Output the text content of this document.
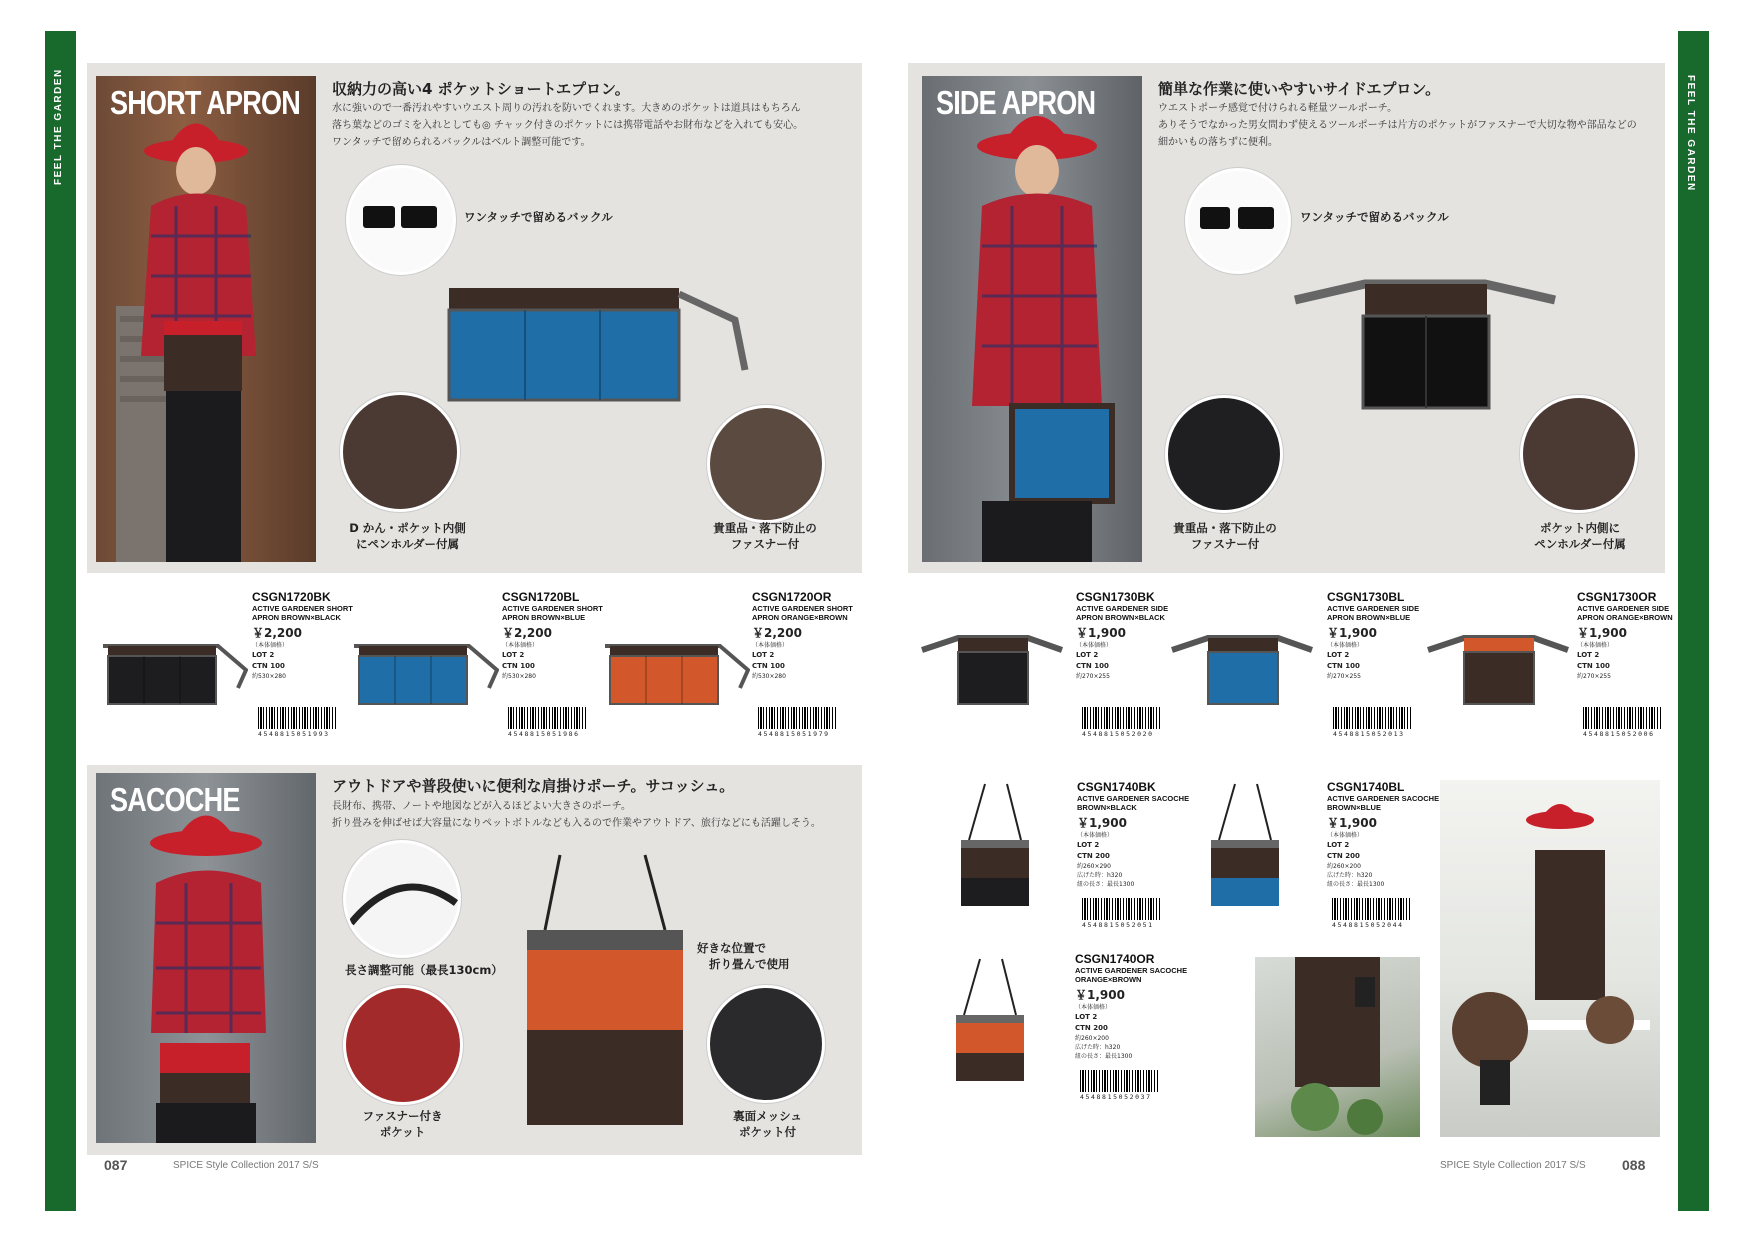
FEEL THE GARDEN	FEEL THE GARDEN
SHORT APRON 収納力の高い4 ポケットショートエプロン。
水に強いので一番汚れやすいウエスト周りの汚れを防いでくれます。大きめのポケットは道具はもちろん
落ち葉などのゴミを入れとしても◎ チャック付きのポケットには携帯電話やお財布などを入れても安心。
ワンタッチで留められるバックルはベルト調整可能です。
ワンタッチで留めるバックル
D かん・ポケット内側
にペンホルダー付属
貴重品・落下防止の
ファスナー付
SIDE APRON	簡単な作業に使いやすいサイドエプロン。
ウエストポーチ感覚で付けられる軽量ツールポーチ。
ありそうでなかった男女問わず使えるツールポーチは片方のポケットがファスナーで大切な物や部品などの
細かいもの落ちずに便利。
ワンタッチで留めるバックル
貴重品・落下防止の
ファスナー付
ポケット内側に
ペンホルダー付属
SACOCHE	アウトドアや普段使いに便利な肩掛けポーチ。サコッシュ。
長財布、携帯、ノートや地図などが入るほどよい大きさのポーチ。
折り畳みを伸ばせば大容量になりペットボトルなども入るので作業やアウトドア、旅行などにも活躍しそう。
長さ調整可能（最長130cm）
好きな位置で
折り畳んで使用
ファスナー付き
ポケット
裏面メッシュ
ポケット付
087	SPICE Style Collection 2017 S/S	SPICE Style Collection 2017 S/S	088
CSGN1720BK
ACTIVE GARDENER SHORT
APRON BROWN×BLACK
￥2,200
（本体価格）
LOT 2
CTN 100
約530×280
4548815051993
CSGN1720BL
ACTIVE GARDENER SHORT
APRON BROWN×BLUE
￥2,200
（本体価格）
LOT 2
CTN 100
約530×280
4548815051986
CSGN1720OR
ACTIVE GARDENER SHORT
APRON ORANGE×BROWN
￥2,200
（本体価格）
LOT 2
CTN 100
約530×280
4548815051979
CSGN1730BK
ACTIVE GARDENER SIDE
APRON BROWN×BLACK
￥1,900
（本体価格）
LOT 2
CTN 100
約270×255
4548815052020
CSGN1730BL
ACTIVE GARDENER SIDE
APRON BROWN×BLUE
￥1,900
（本体価格）
LOT 2
CTN 100
約270×255
4548815052013
CSGN1730OR
ACTIVE GARDENER SIDE
APRON ORANGE×BROWN
￥1,900
（本体価格）
LOT 2
CTN 100
約270×255
4548815052006
CSGN1740BK
ACTIVE GARDENER SACOCHE
BROWN×BLACK
￥1,900
（本体価格）
LOT 2
CTN 200
約260×290
広げた時：h320
紐の長さ：最長1300
4548815052051
CSGN1740BL
ACTIVE GARDENER SACOCHE
BROWN×BLUE
￥1,900
（本体価格）
LOT 2
CTN 200
約260×200
広げた時：h320
紐の長さ：最長1300
4548815052044
CSGN1740OR
ACTIVE GARDENER SACOCHE
ORANGE×BROWN
￥1,900
（本体価格）
LOT 2
CTN 200
約260×200
広げた時：h320
紐の長さ：最長1300
4548815052037
